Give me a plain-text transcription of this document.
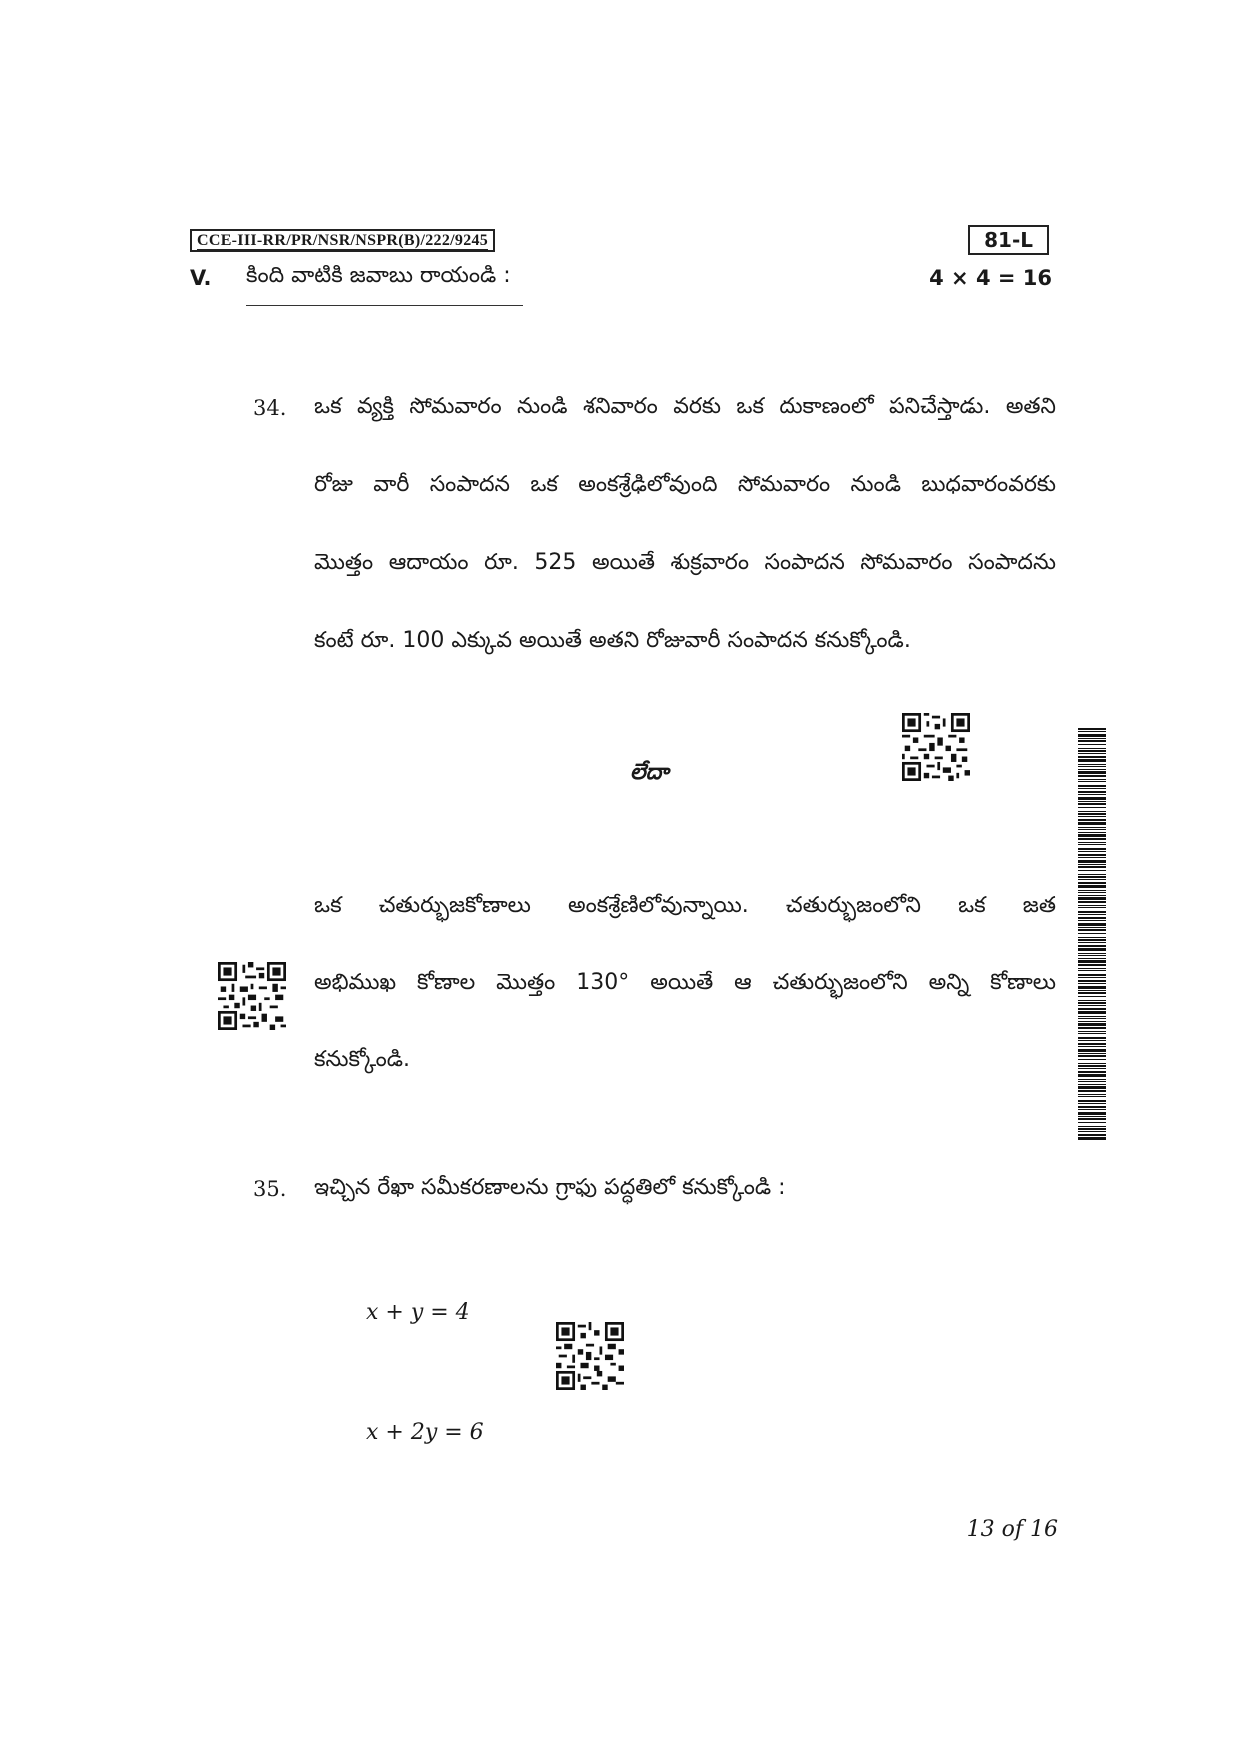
CCE-III-RR/PR/NSR/NSPR(B)/222/9245	81-L
V. కింది వాటికి జవాబు రాయండి :	4 × 4 = 16
34. ఒక వ్యక్తి సోమవారం నుండి శనివారం వరకు ఒక దుకాణంలో పనిచేస్తాడు. అతని
రోజు వారీ సంపాదన ఒక అంకశ్రేఢిలోవుంది సోమవారం నుండి బుధవారంవరకు
మొత్తం ఆదాయం రూ. 525 అయితే శుక్రవారం సంపాదన సోమవారం సంపాదను
కంటే రూ. 100 ఎక్కువ అయితే అతని రోజువారీ సంపాదన కనుక్కోండి.
లేదా
ఒక చతుర్భుజకోణాలు అంకశ్రేణిలోవున్నాయి. చతుర్భుజంలోని ఒక జత
అభిముఖ కోణాల మొత్తం 130° అయితే ఆ చతుర్భుజంలోని అన్ని కోణాలు
కనుక్కోండి.
35. ఇచ్చిన రేఖా సమీకరణాలను గ్రాఫు పద్ధతిలో కనుక్కోండి :
x + y = 4
x + 2y = 6
13 of 16
